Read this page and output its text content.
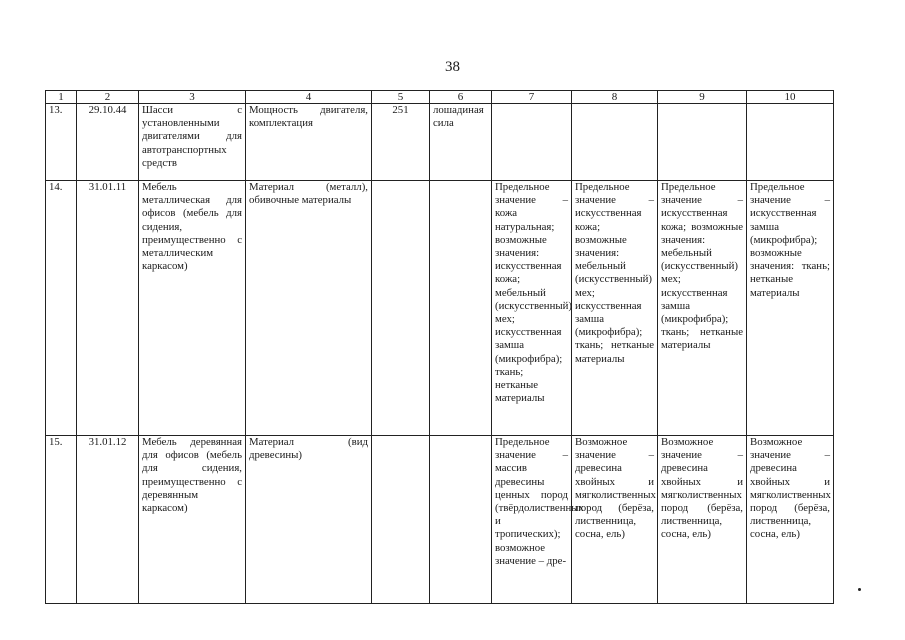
38
1	2	3	4	5	6	7	8	9	10
13.	29.10.44	Шасси с установленными двигателями для автотранспортных средств	Мощность двигателя, комплектация	251	лошадиная сила				
14.	31.01.11	Мебель металлическая для офисов (мебель для сидения, преимущественно с металлическим каркасом)	Материал (металл), обивочные материалы			Предельное значение – кожа натуральная; возможные значения: искусственная кожа; мебельный (искусственный) мех; искусственная замша (микрофибра); ткань; нетканые материалы	Предельное значение – искусственная кожа; возможные значения: мебельный (искусственный) мех; искусственная замша (микрофибра); ткань; нетканые материалы	Предельное значение – искусственная кожа; возможные значения: мебельный (искусственный) мех; искусственная замша (микрофибра); ткань; нетканые материалы	Предельное значение – искусственная замша (микрофибра); возможные значения: ткань; нетканые материалы
15.	31.01.12	Мебель деревянная для офисов (мебель для сидения, преимущественно с деревянным каркасом)	Материал (вид древесины)			Предельное значение – массив древесины ценных пород (твёрдолиственных и тропических); возможное значение – дре-	Возможное значение – древесина хвойных и мягколиственных пород (берёза, лиственница, сосна, ель)	Возможное значение – древесина хвойных и мягколиственных пород (берёза, лиственница, сосна, ель)	Возможное значение – древесина хвойных и мягколиственных пород (берёза, лиственница, сосна, ель)
